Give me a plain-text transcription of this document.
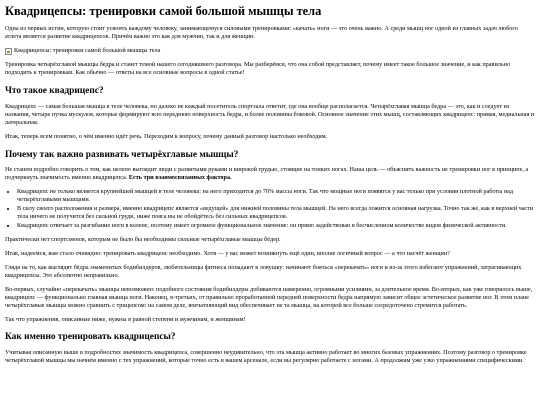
Квадрицепсы: тренировки самой большой мышцы тела

Одна из первых истин, которую стоит усвоить каждому человеку, занимающемуся силовыми тренировками: «качать» ноги — это очень важно. А среди мышц ног одной из главных задач любого атлета является развитие квадрицепсов. Причём важно это как для мужчин, так и для женщин.

Квадрицепсы: тренировки самой большой мышцы тела

Тренировка четырёхглавой мышцы бедра и станет темой нашего сегодняшнего разговора. Мы разберёмся, что она собой представляет, почему имеет такое большое значение, и как правильно подходить к тренировкам. Как обычно — ответы на все основные вопросы в одной статье!

Что такое квадрицепс?

Квадрицепс — самая большая мышца в теле человека, но далеко не каждый посетитель спортзала ответит, где она вообще располагается. Четырёхглавая мышца бедра — это, как и следует из названия, четыре пучка мускулов, которые формируют всю переднюю поверхность бедра, и более половины боковой. Основное значение этих мышц, составляющих квадрицепс: прямая, медиальная и латеральная.

Итак, теперь всем понятно, о чём именно идёт речь. Переходим к вопросу, почему данный разговор настолько необходим.

Почему так важно развивать четырёхглавые мышцы?

Не станем подробно говорить о том, как нелепо выглядит люди с развитыми руками и широкой грудью, стоящие на тонких ногах. Наша цель — объяснить важность не тренировки ног в принципе, а подчеркнуть значимость именно квадрицепса. Есть три взаимосвязанных фактора.

• Квадрицепс не только является крупнейшей мышцей в теле человека: на него приходится до 70% массы ноги. Так что мощные ноги появятся у вас только при условии плотной работы над четырёхглавыми мышцами.
• В силу своего расположения и размера, именно квадрицепс является «ведущей» для нижней половины тела мышцей. На него всегда ложится основная нагрузка. Точно так же, как в верхней части тела ничего не получится без сильной груди, ниже пояса вы не обойдётесь без сильных квадрицепсов.
• Квадрицепс отвечает за разгибание ноги в колене, поэтому имеет огромное функциональное значение: он прямо задействован в бесчисленном количестве видов физической активности.

Практически нет спортсменов, которым не было бы необходимы сильные четырёхглавые мышцы бёдер.

Итак, надеемся, вам стало очевидно: тренировать квадрицепс необходимо. Хотя — у вас может возникнуть ещё один, вполне логичный вопрос — а что насчёт женщин?

Глядя на то, как выглядят бёдра знаменитых бодибилдеров, любительницы фитнеса попадают в ловушку: начинают бояться «перекачать» ноги и из-за этого избегают упражнений, затрагивающих квадрицепсы. Это абсолютно неправильно.

Во-первых, случайно «перекачать» мышцы невозможно: подобного состояния бодибилдеры добиваются намеренно, огромными усилиями, за длительное время. Во-вторых, как уже говорилось выше, квадрицепс — функционально главная мышца ноги. Наконец, в-третьих, от правильно проработанной передней поверхности бедра напрямую зависит общее эстетическое развитие ног. В этом плане четырёхглавые мышцы можно сравнить с трицепсом: на самом деле, впечатляющий вид обеспечивает не та мышца, на которой все больше сосредоточено стремится работать.

Так что упражнения, описанные ниже, нужны в равной степени и мужчинам, и женщинам!

Как именно тренировать квадрицепсы?

Учитывая описанную выше в подробностях значимость квадрицепса, совершенно неудивительно, что эта мышца активно работает во многих базовых упражнениях. Поэтому разговор о тренировке четырёхглавой мышцы мы начнём именно с тех упражнений, которые точно есть в вашем арсенале, если вы регулярно работаете с ногами. А продолжим уже узко упражнениями специфическими.
